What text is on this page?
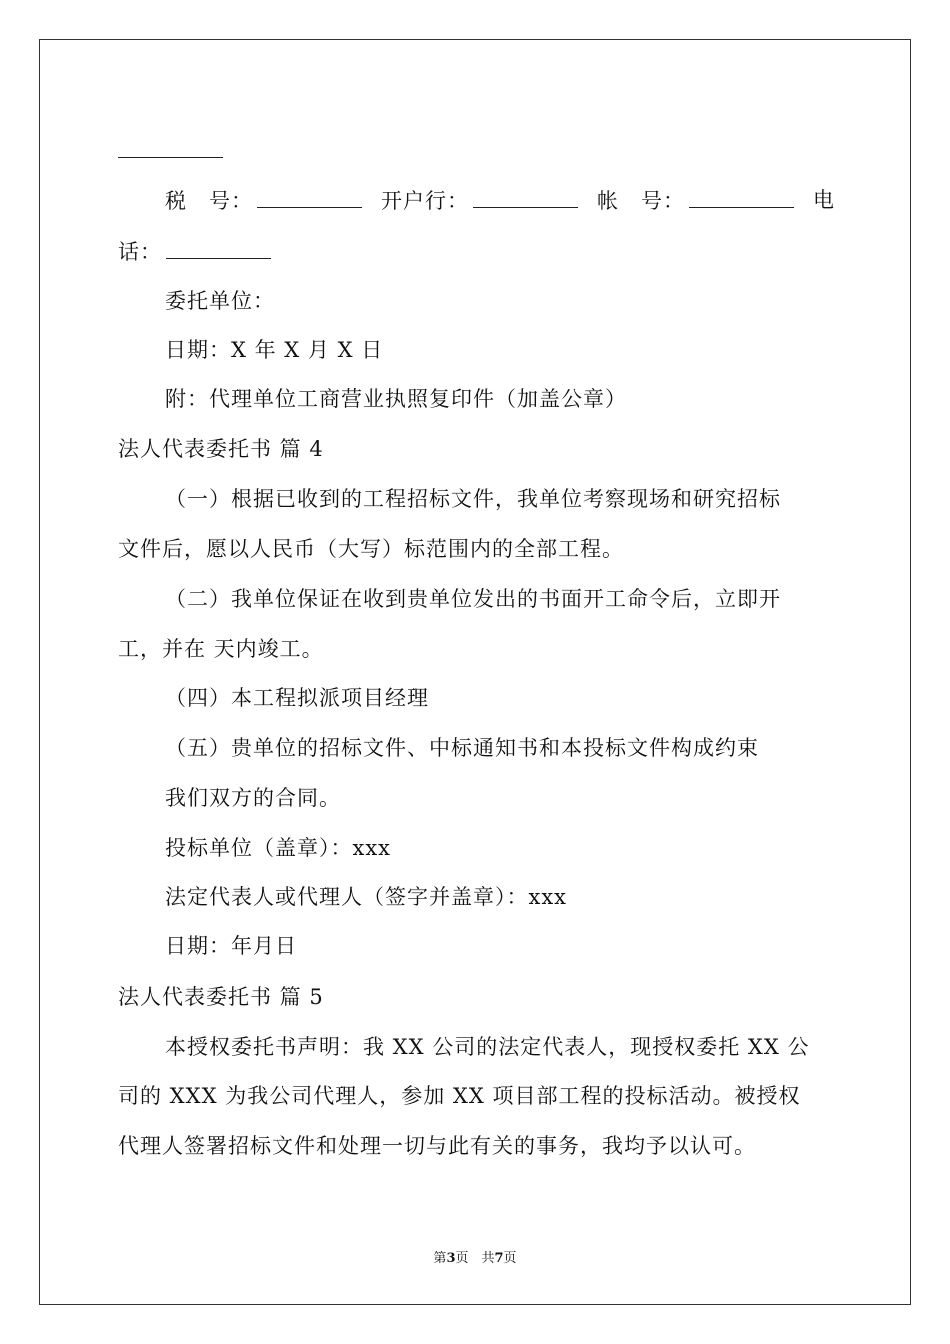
税　号：	开户行：	帐　号：	电
话：
委托单位：
日期：X 年 X 月 X 日
附：代理单位工商营业执照复印件（加盖公章）
法人代表委托书 篇 4
（一）根据已收到的工程招标文件，我单位考察现场和研究招标
文件后，愿以人民币（大写）标范围内的全部工程。
（二）我单位保证在收到贵单位发出的书面开工命令后，立即开
工，并在 天内竣工。
（四）本工程拟派项目经理
（五）贵单位的招标文件、中标通知书和本投标文件构成约束
我们双方的合同。
投标单位（盖章）：xxx
法定代表人或代理人（签字并盖章）：xxx
日期：年月日
法人代表委托书 篇 5
本授权委托书声明：我 XX 公司的法定代表人，现授权委托 XX 公
司的 XXX 为我公司代理人，参加 XX 项目部工程的投标活动。被授权
代理人签署招标文件和处理一切与此有关的事务，我均予以认可。
第3页　共7页
